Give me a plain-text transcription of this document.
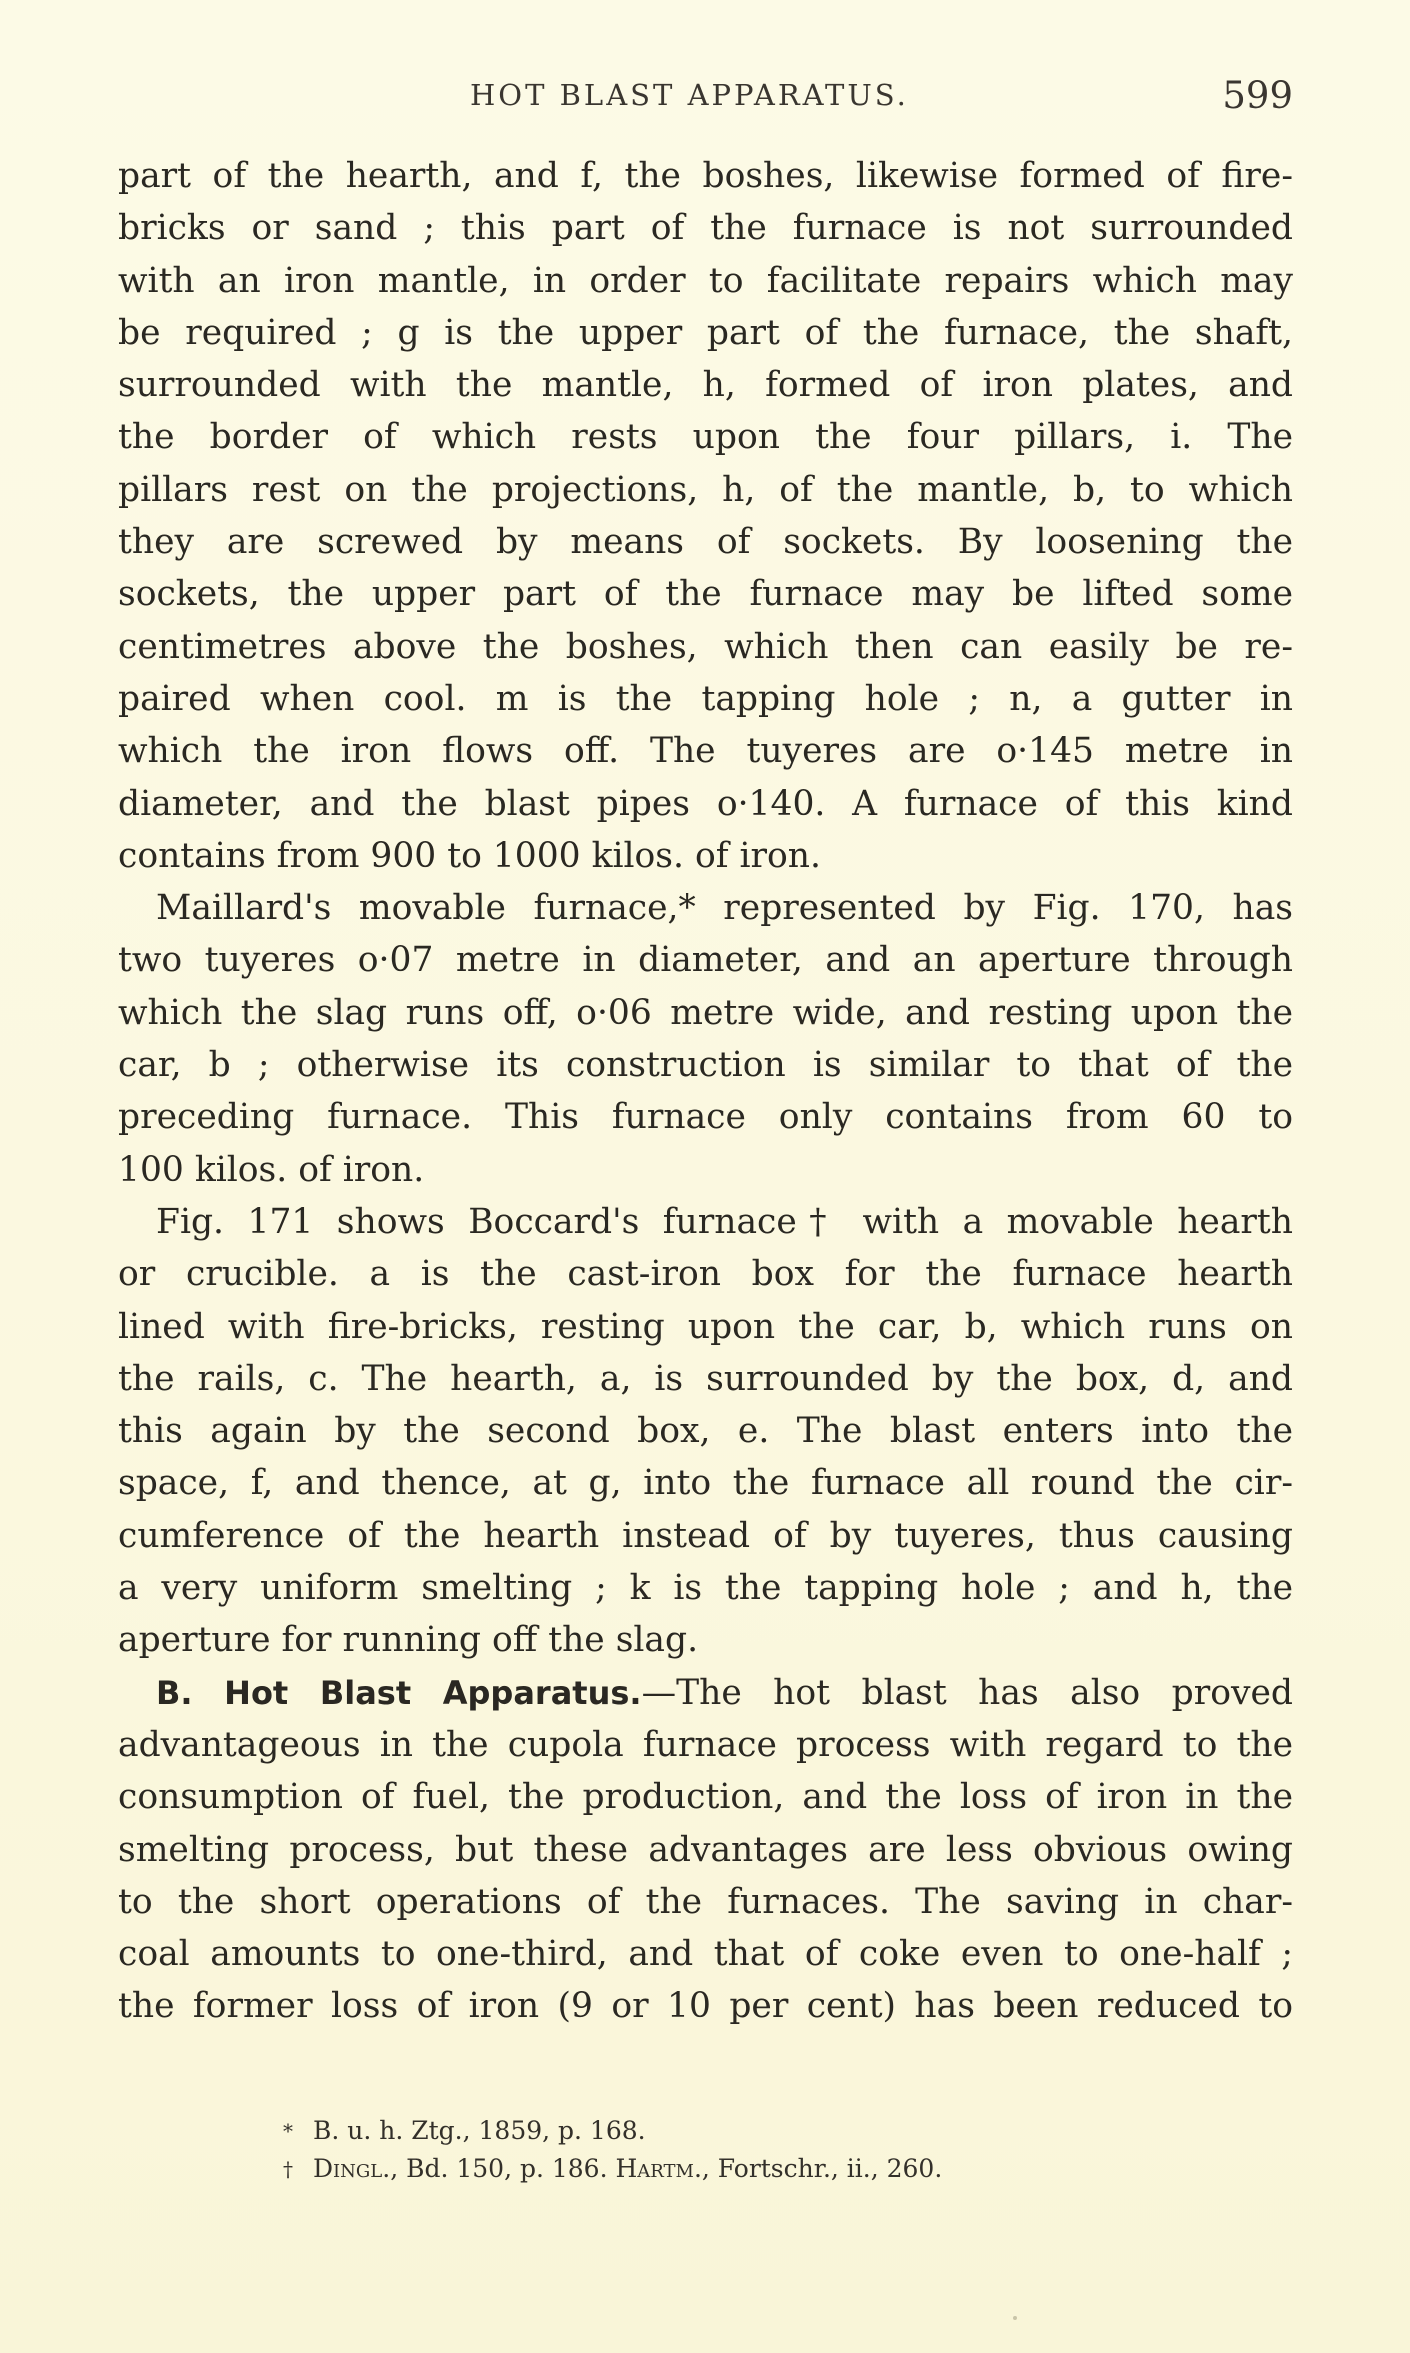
HOT BLAST APPARATUS.	599

part of the hearth, and f, the boshes, likewise formed of fire-
bricks or sand ; this part of the furnace is not surrounded
with an iron mantle, in order to facilitate repairs which may
be required ; g is the upper part of the furnace, the shaft,
surrounded with the mantle, h, formed of iron plates, and
the border of which rests upon the four pillars, i. The
pillars rest on the projections, h, of the mantle, b, to which
they are screwed by means of sockets. By loosening the
sockets, the upper part of the furnace may be lifted some
centimetres above the boshes, which then can easily be re-
paired when cool. m is the tapping hole ; n, a gutter in
which the iron flows off. The tuyeres are o·145 metre in
diameter, and the blast pipes o·140. A furnace of this kind
contains from 900 to 1000 kilos. of iron.

Maillard's movable furnace,* represented by Fig. 170, has

two tuyeres o·07 metre in diameter, and an aperture through
which the slag runs off, o·06 metre wide, and resting upon the
car, b ; otherwise its construction is similar to that of the
preceding furnace. This furnace only contains from 60 to
100 kilos. of iron.

Fig. 171 shows Boccard's furnace† with a movable hearth

or crucible. a is the cast-iron box for the furnace hearth
lined with fire-bricks, resting upon the car, b, which runs on
the rails, c. The hearth, a, is surrounded by the box, d, and
this again by the second box, e. The blast enters into the
space, f, and thence, at g, into the furnace all round the cir-
cumference of the hearth instead of by tuyeres, thus causing
a very uniform smelting ; k is the tapping hole ; and h, the
aperture for running off the slag.

B. Hot Blast Apparatus.—The hot blast has also proved

advantageous in the cupola furnace process with regard to the
consumption of fuel, the production, and the loss of iron in the
smelting process, but these advantages are less obvious owing
to the short operations of the furnaces. The saving in char-
coal amounts to one-third, and that of coke even to one-half ;
the former loss of iron (9 or 10 per cent) has been reduced to

* B. u. h. Ztg., 1859, p. 168.
† Dingl., Bd. 150, p. 186. Hartm., Fortschr., ii., 260.
